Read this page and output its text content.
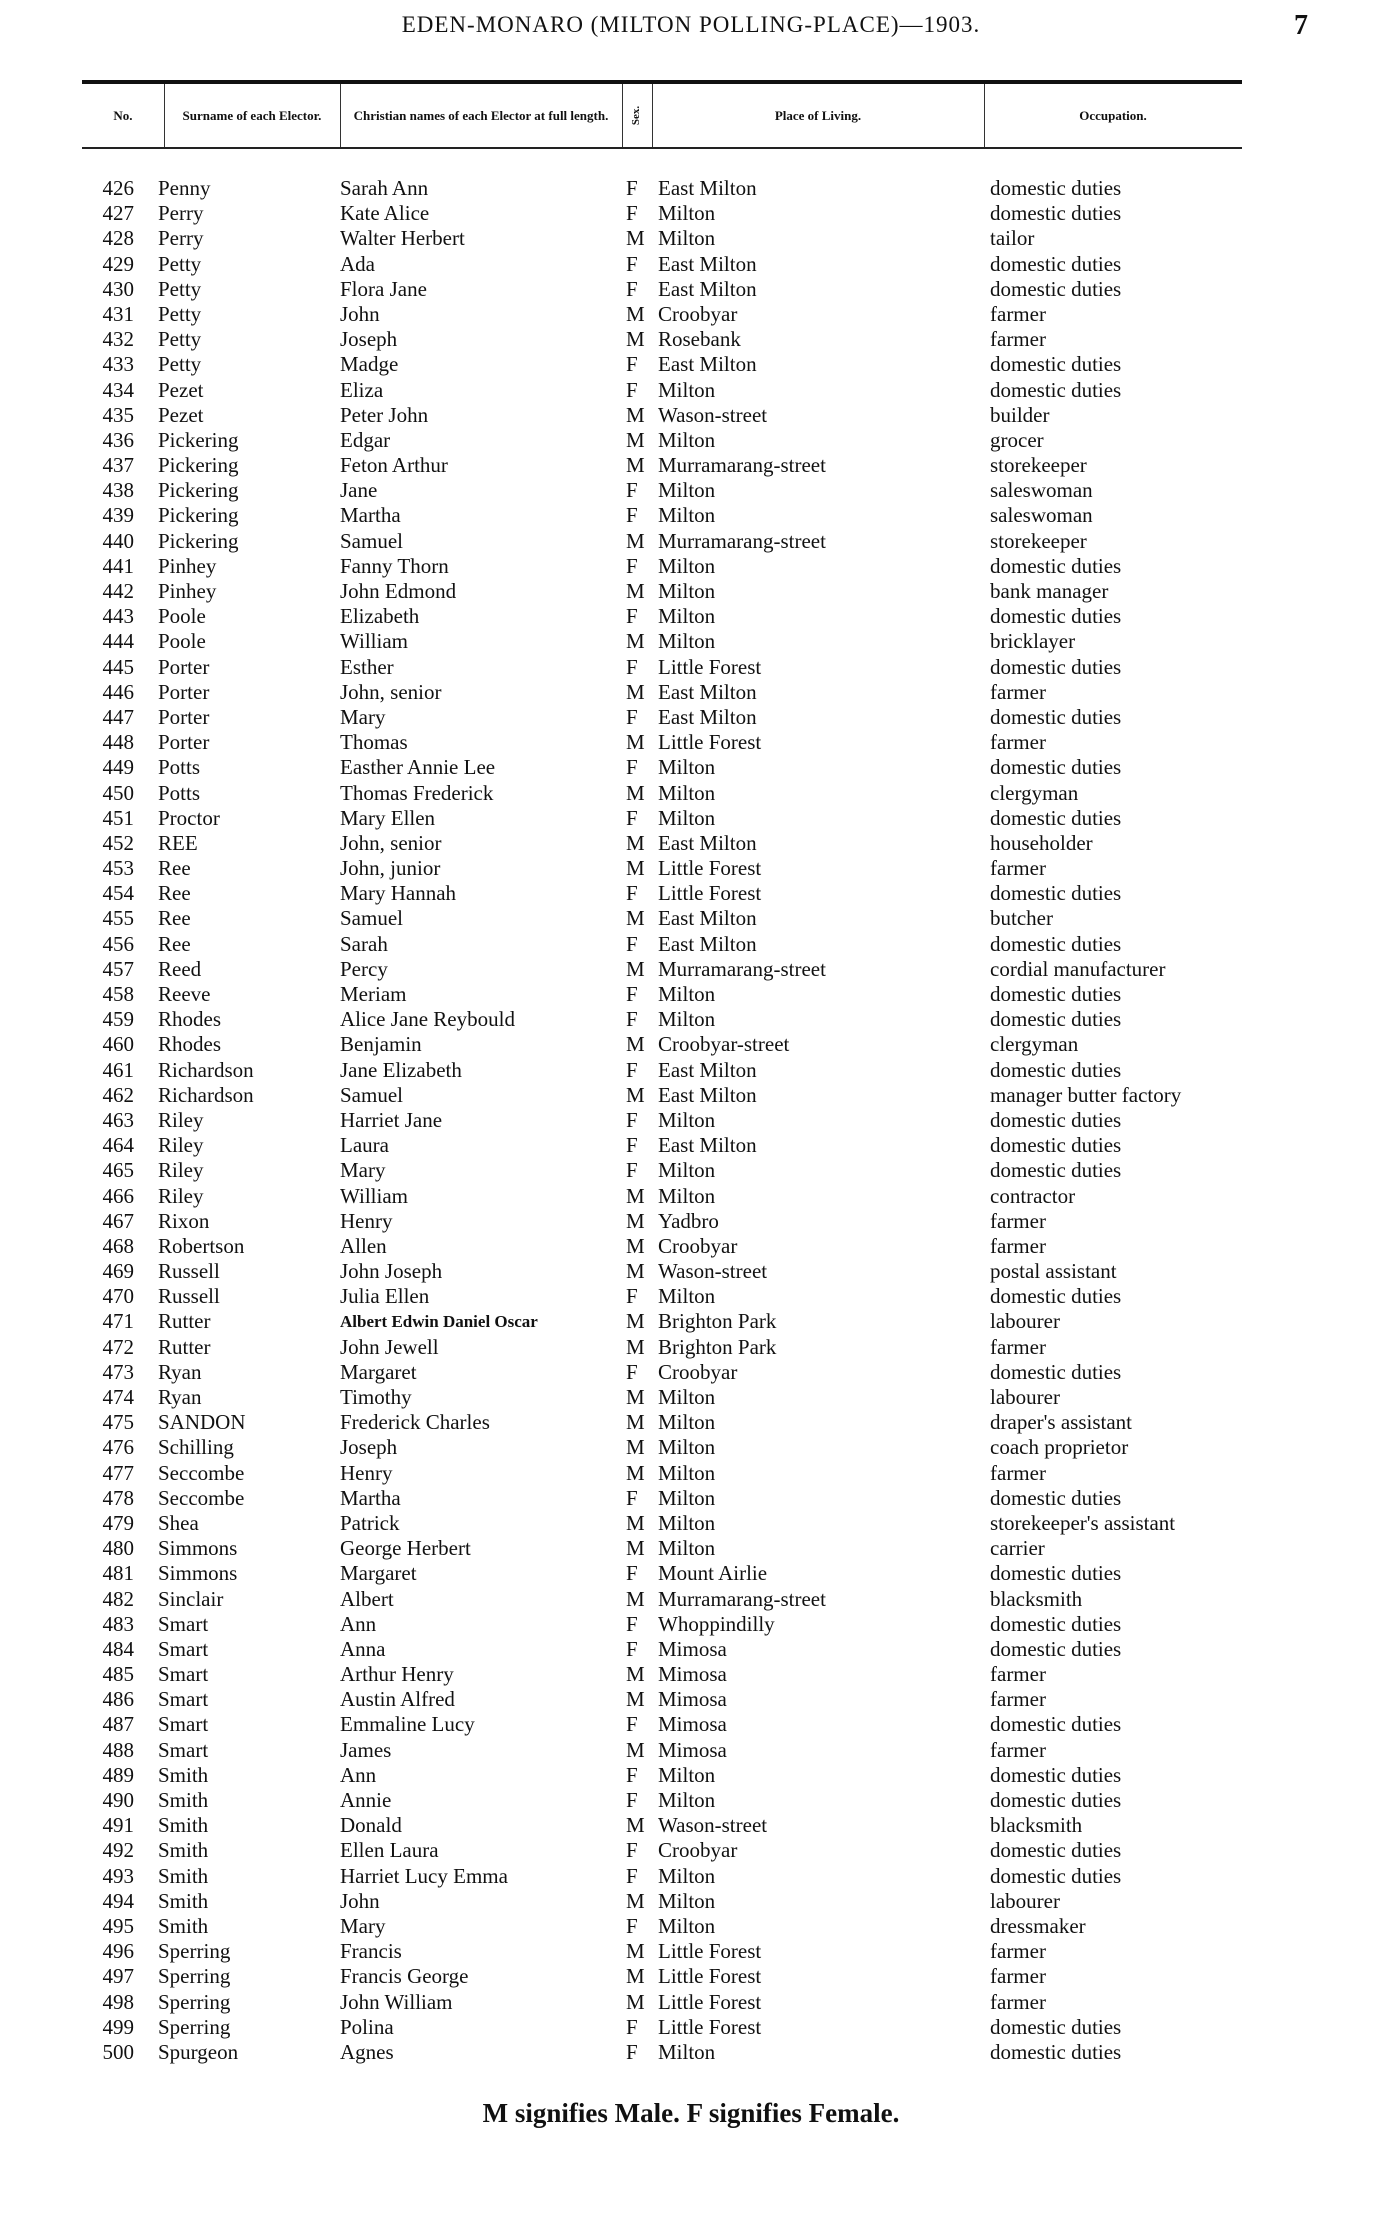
EDEN-MONARO (MILTON POLLING-PLACE)—1903.	7
No.	Surname of each Elector.	Christian names of each Elector at full length.	Sex.	Place of Living.	Occupation.
426 Penny	Sarah Ann	F East Milton	domestic duties
427 Perry	Kate Alice	F Milton	domestic duties
428 Perry	Walter Herbert	M Milton	tailor
429 Petty	Ada	F East Milton	domestic duties
430 Petty	Flora Jane	F East Milton	domestic duties
431 Petty	John	M Croobyar	farmer
432 Petty	Joseph	M Rosebank	farmer
433 Petty	Madge	F East Milton	domestic duties
434 Pezet	Eliza	F Milton	domestic duties
435 Pezet	Peter John	M Wason-street	builder
436 Pickering	Edgar	M Milton	grocer
437 Pickering	Feton Arthur	M Murramarang-street	storekeeper
438 Pickering	Jane	F Milton	saleswoman
439 Pickering	Martha	F Milton	saleswoman
440 Pickering	Samuel	M Murramarang-street	storekeeper
441 Pinhey	Fanny Thorn	F Milton	domestic duties
442 Pinhey	John Edmond	M Milton	bank manager
443 Poole	Elizabeth	F Milton	domestic duties
444 Poole	William	M Milton	bricklayer
445 Porter	Esther	F Little Forest	domestic duties
446 Porter	John, senior	M East Milton	farmer
447 Porter	Mary	F East Milton	domestic duties
448 Porter	Thomas	M Little Forest	farmer
449 Potts	Easther Annie Lee	F Milton	domestic duties
450 Potts	Thomas Frederick	M Milton	clergyman
451 Proctor	Mary Ellen	F Milton	domestic duties
452 REE	John, senior	M East Milton	householder
453 Ree	John, junior	M Little Forest	farmer
454 Ree	Mary Hannah	F Little Forest	domestic duties
455 Ree	Samuel	M East Milton	butcher
456 Ree	Sarah	F East Milton	domestic duties
457 Reed	Percy	M Murramarang-street	cordial manufacturer
458 Reeve	Meriam	F Milton	domestic duties
459 Rhodes	Alice Jane Reybould	F Milton	domestic duties
460 Rhodes	Benjamin	M Croobyar-street	clergyman
461 Richardson	Jane Elizabeth	F East Milton	domestic duties
462 Richardson	Samuel	M East Milton	manager butter factory
463 Riley	Harriet Jane	F Milton	domestic duties
464 Riley	Laura	F East Milton	domestic duties
465 Riley	Mary	F Milton	domestic duties
466 Riley	William	M Milton	contractor
467 Rixon	Henry	M Yadbro	farmer
468 Robertson	Allen	M Croobyar	farmer
469 Russell	John Joseph	M Wason-street	postal assistant
470 Russell	Julia Ellen	F Milton	domestic duties
471 Rutter	Albert Edwin Daniel Oscar	M Brighton Park	labourer
472 Rutter	John Jewell	M Brighton Park	farmer
473 Ryan	Margaret	F Croobyar	domestic duties
474 Ryan	Timothy	M Milton	labourer
475 SANDON	Frederick Charles	M Milton	draper's assistant
476 Schilling	Joseph	M Milton	coach proprietor
477 Seccombe	Henry	M Milton	farmer
478 Seccombe	Martha	F Milton	domestic duties
479 Shea	Patrick	M Milton	storekeeper's assistant
480 Simmons	George Herbert	M Milton	carrier
481 Simmons	Margaret	F Mount Airlie	domestic duties
482 Sinclair	Albert	M Murramarang-street	blacksmith
483 Smart	Ann	F Whoppindilly	domestic duties
484 Smart	Anna	F Mimosa	domestic duties
485 Smart	Arthur Henry	M Mimosa	farmer
486 Smart	Austin Alfred	M Mimosa	farmer
487 Smart	Emmaline Lucy	F Mimosa	domestic duties
488 Smart	James	M Mimosa	farmer
489 Smith	Ann	F Milton	domestic duties
490 Smith	Annie	F Milton	domestic duties
491 Smith	Donald	M Wason-street	blacksmith
492 Smith	Ellen Laura	F Croobyar	domestic duties
493 Smith	Harriet Lucy Emma	F Milton	domestic duties
494 Smith	John	M Milton	labourer
495 Smith	Mary	F Milton	dressmaker
496 Sperring	Francis	M Little Forest	farmer
497 Sperring	Francis George	M Little Forest	farmer
498 Sperring	John William	M Little Forest	farmer
499 Sperring	Polina	F Little Forest	domestic duties
500 Spurgeon	Agnes	F Milton	domestic duties
M signifies Male. F signifies Female.
